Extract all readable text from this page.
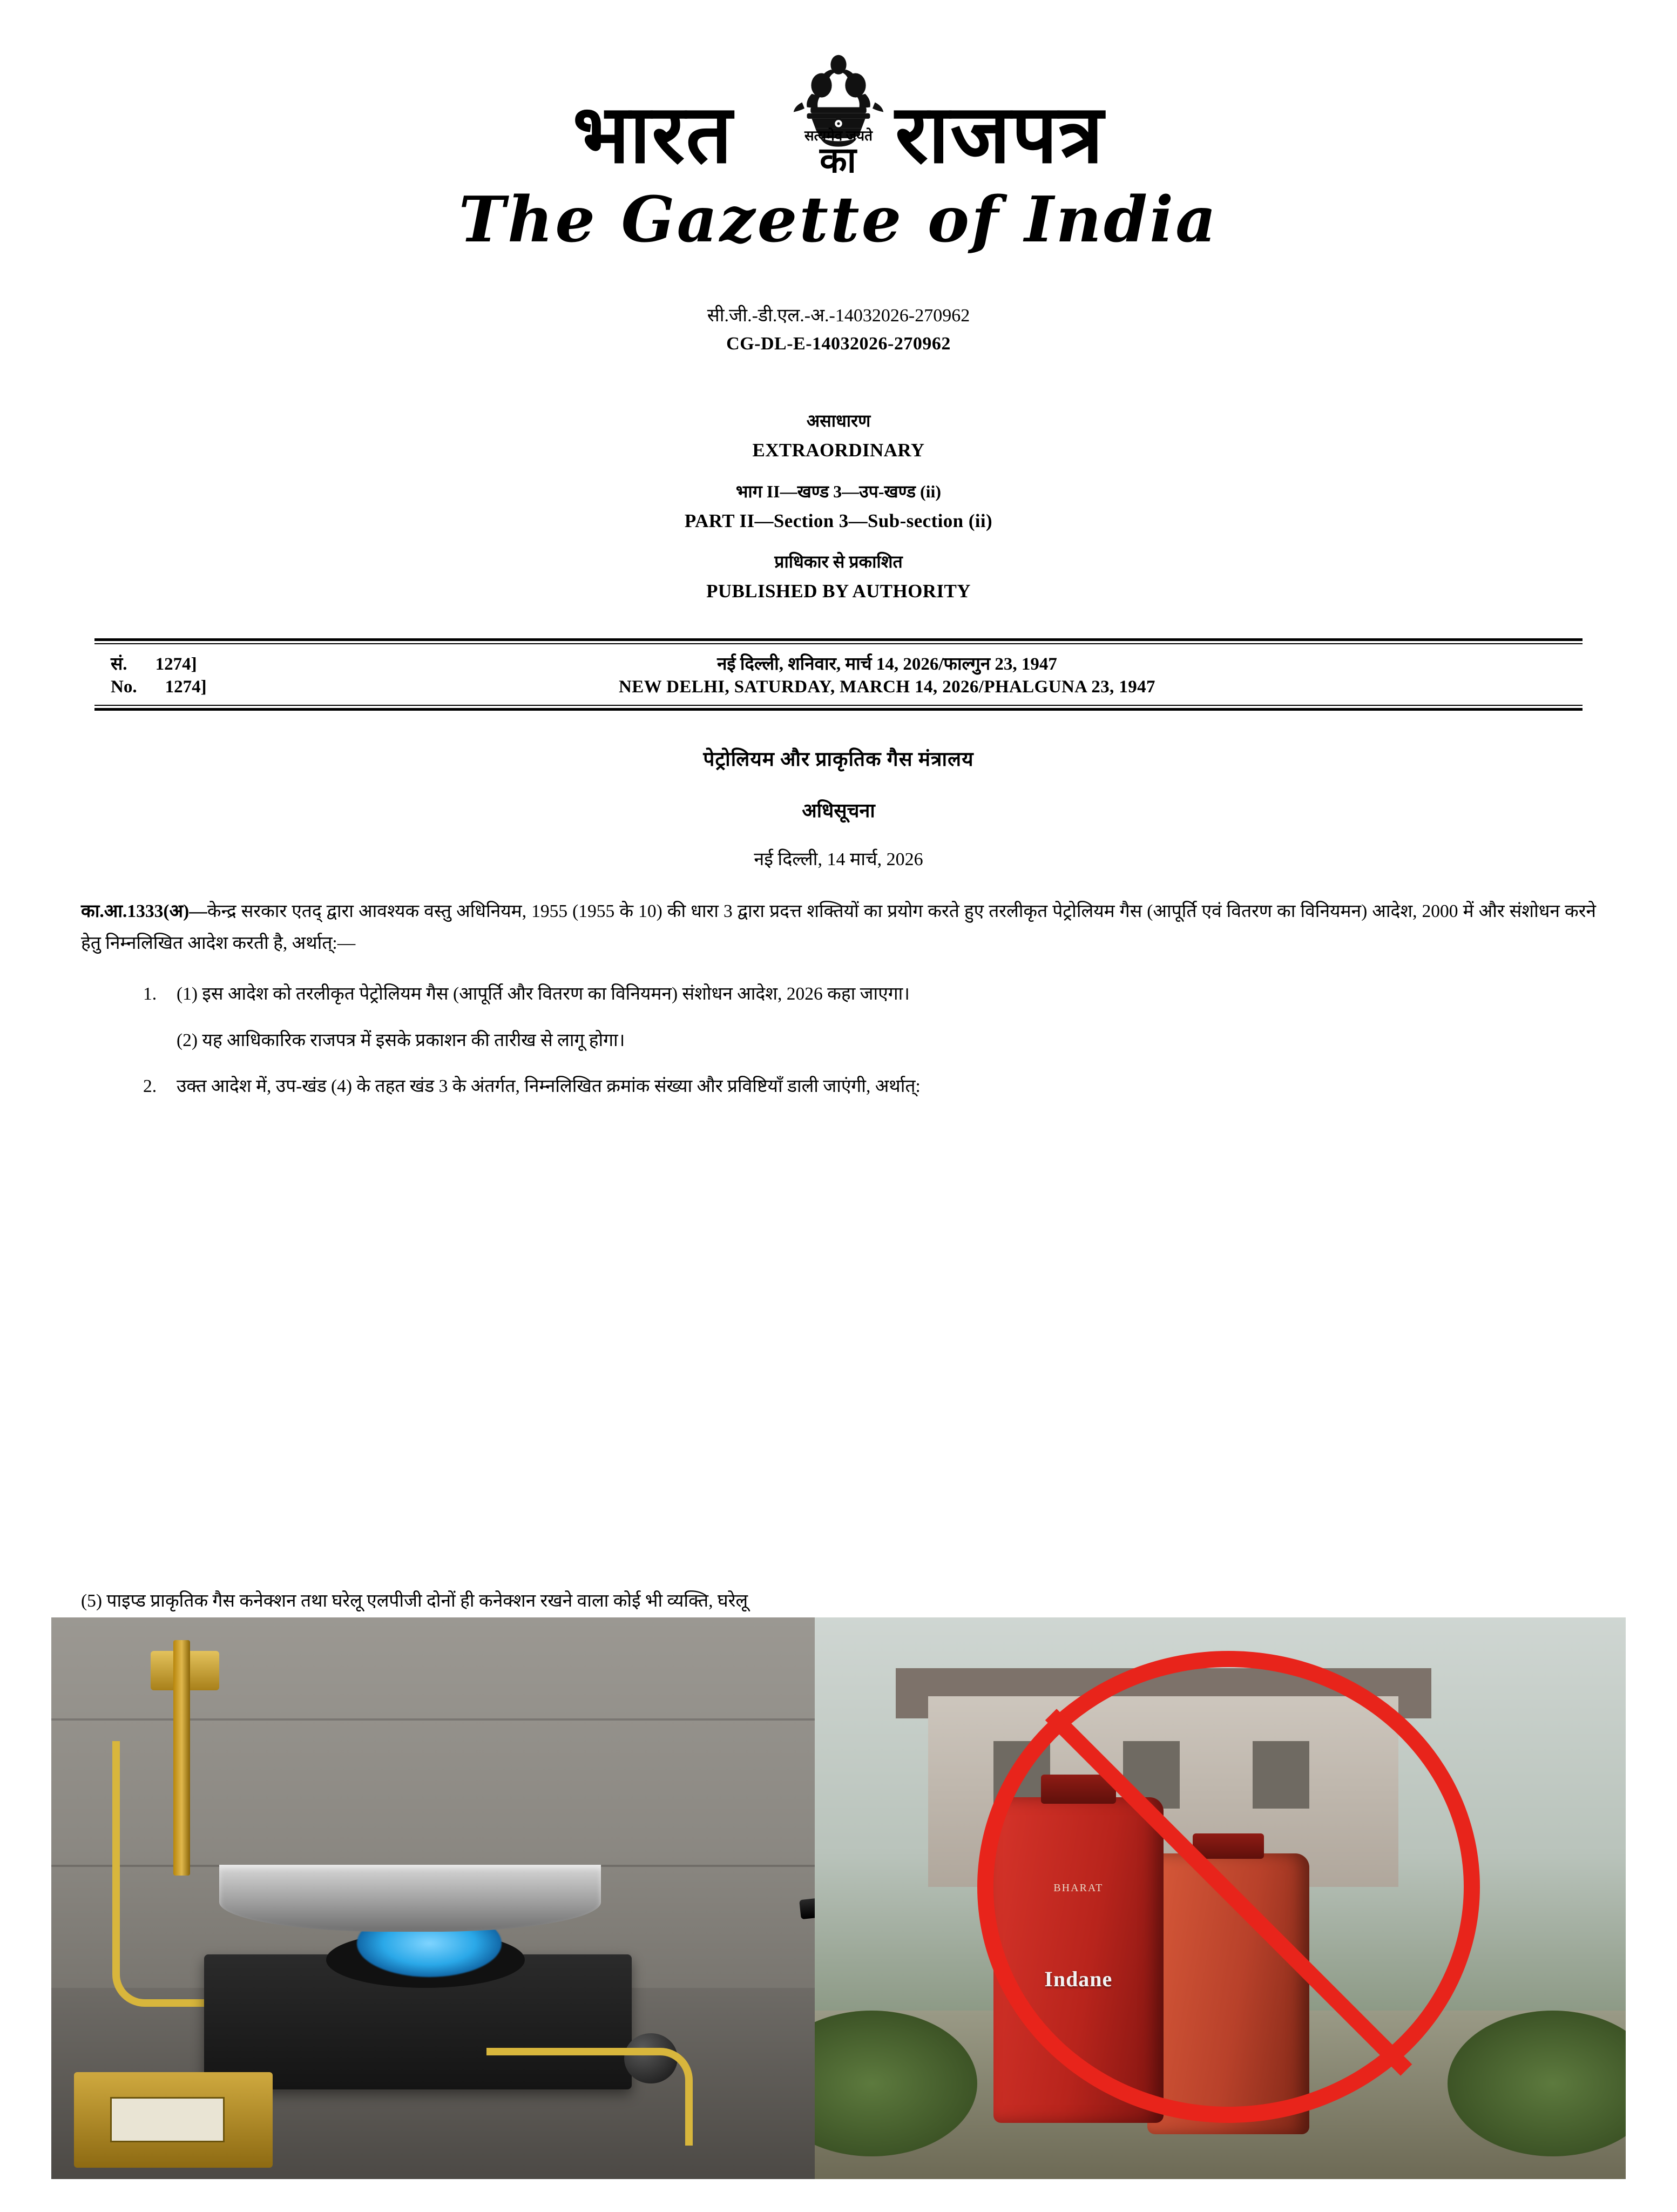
भारत राजपत्र
सत्यमेव जयते
का
The Gazette of India
सी.जी.-डी.एल.-अ.-14032026-270962
CG-DL-E-14032026-270962
असाधारण
EXTRAORDINARY
भाग II—खण्ड 3—उप-खण्ड (ii)
PART II—Section 3—Sub-section (ii)
प्राधिकार से प्रकाशित
PUBLISHED BY AUTHORITY
सं. 1274]	नई दिल्ली, शनिवार, मार्च 14, 2026/फाल्गुन 23, 1947
No. 1274]	NEW DELHI, SATURDAY, MARCH 14, 2026/PHALGUNA 23, 1947
पेट्रोलियम और प्राकृतिक गैस मंत्रालय
अधिसूचना
नई दिल्ली, 14 मार्च, 2026
का.आ.1333(अ)—केन्द्र सरकार एतद् द्वारा आवश्यक वस्तु अधिनियम, 1955 (1955 के 10) की धारा 3 द्वारा प्रदत्त शक्तियों का प्रयोग करते हुए तरलीकृत पेट्रोलियम गैस (आपूर्ति एवं वितरण का विनियमन) आदेश, 2000 में और संशोधन करने हेतु निम्नलिखित आदेश करती है, अर्थात्:—
1.	(1) इस आदेश को तरलीकृत पेट्रोलियम गैस (आपूर्ति और वितरण का विनियमन) संशोधन आदेश, 2026 कहा जाएगा।
(2) यह आधिकारिक राजपत्र में इसके प्रकाशन की तारीख से लागू होगा।
2.	उक्त आदेश में, उप-खंड (4) के तहत खंड 3 के अंतर्गत, निम्नलिखित क्रमांक संख्या और प्रविष्टियाँ डाली जाएंगी, अर्थात्:
(5) पाइप्ड प्राकृतिक गैस कनेक्शन तथा घरेलू एलपीजी दोनों ही कनेक्शन रखने वाला कोई भी व्यक्ति, घरेलू
BHARAT
Indane
